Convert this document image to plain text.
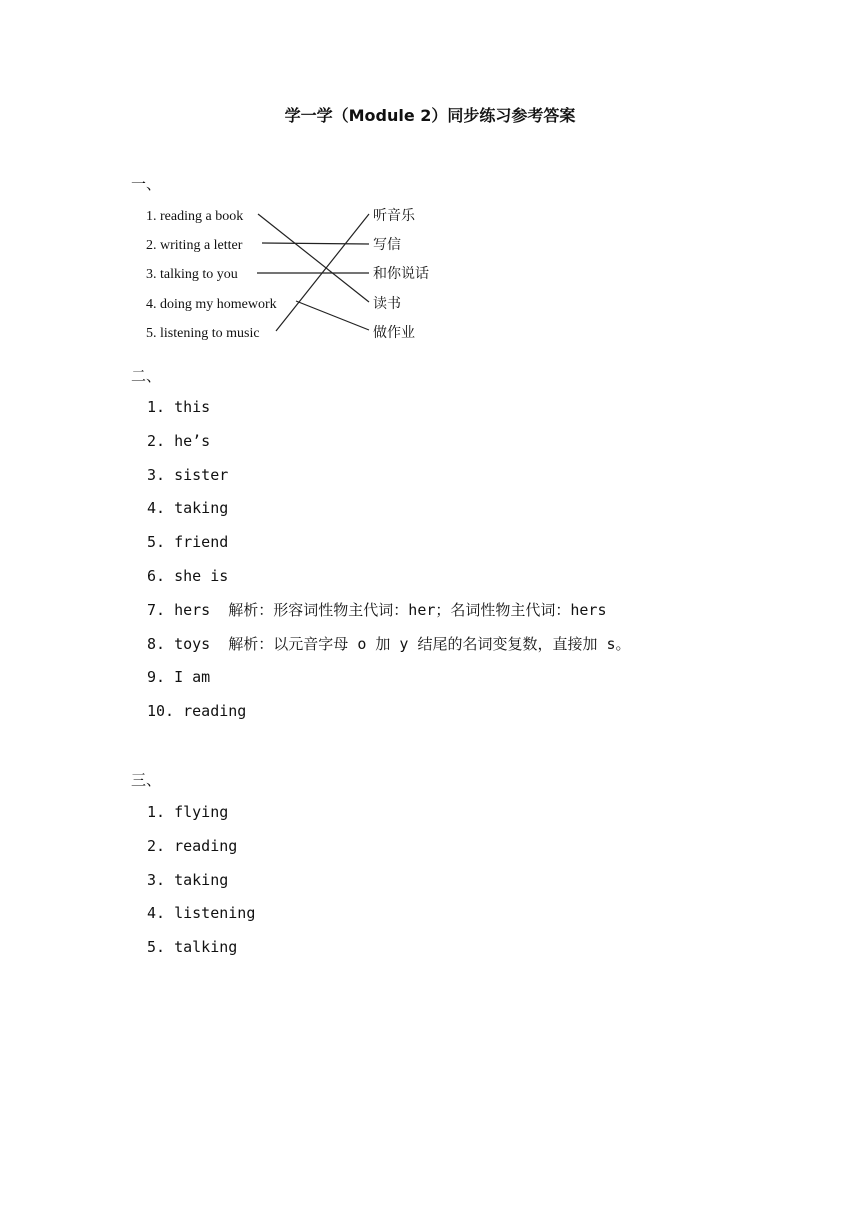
学一学（Module 2）同步练习参考答案
一、
1. reading a book
2. writing a letter
3. talking to you
4. doing my homework
5. listening to music
听音乐
写信
和你说话
读书
做作业
二、
1. this
2. he’s
3. sister
4. taking
5. friend
6. she is
7. hers 解析：形容词性物主代词：her；名词性物主代词：hers
8. toys 解析：以元音字母 o 加 y 结尾的名词变复数，直接加 s。
9. I am
10. reading
三、
1. flying
2. reading
3. taking
4. listening
5. talking
